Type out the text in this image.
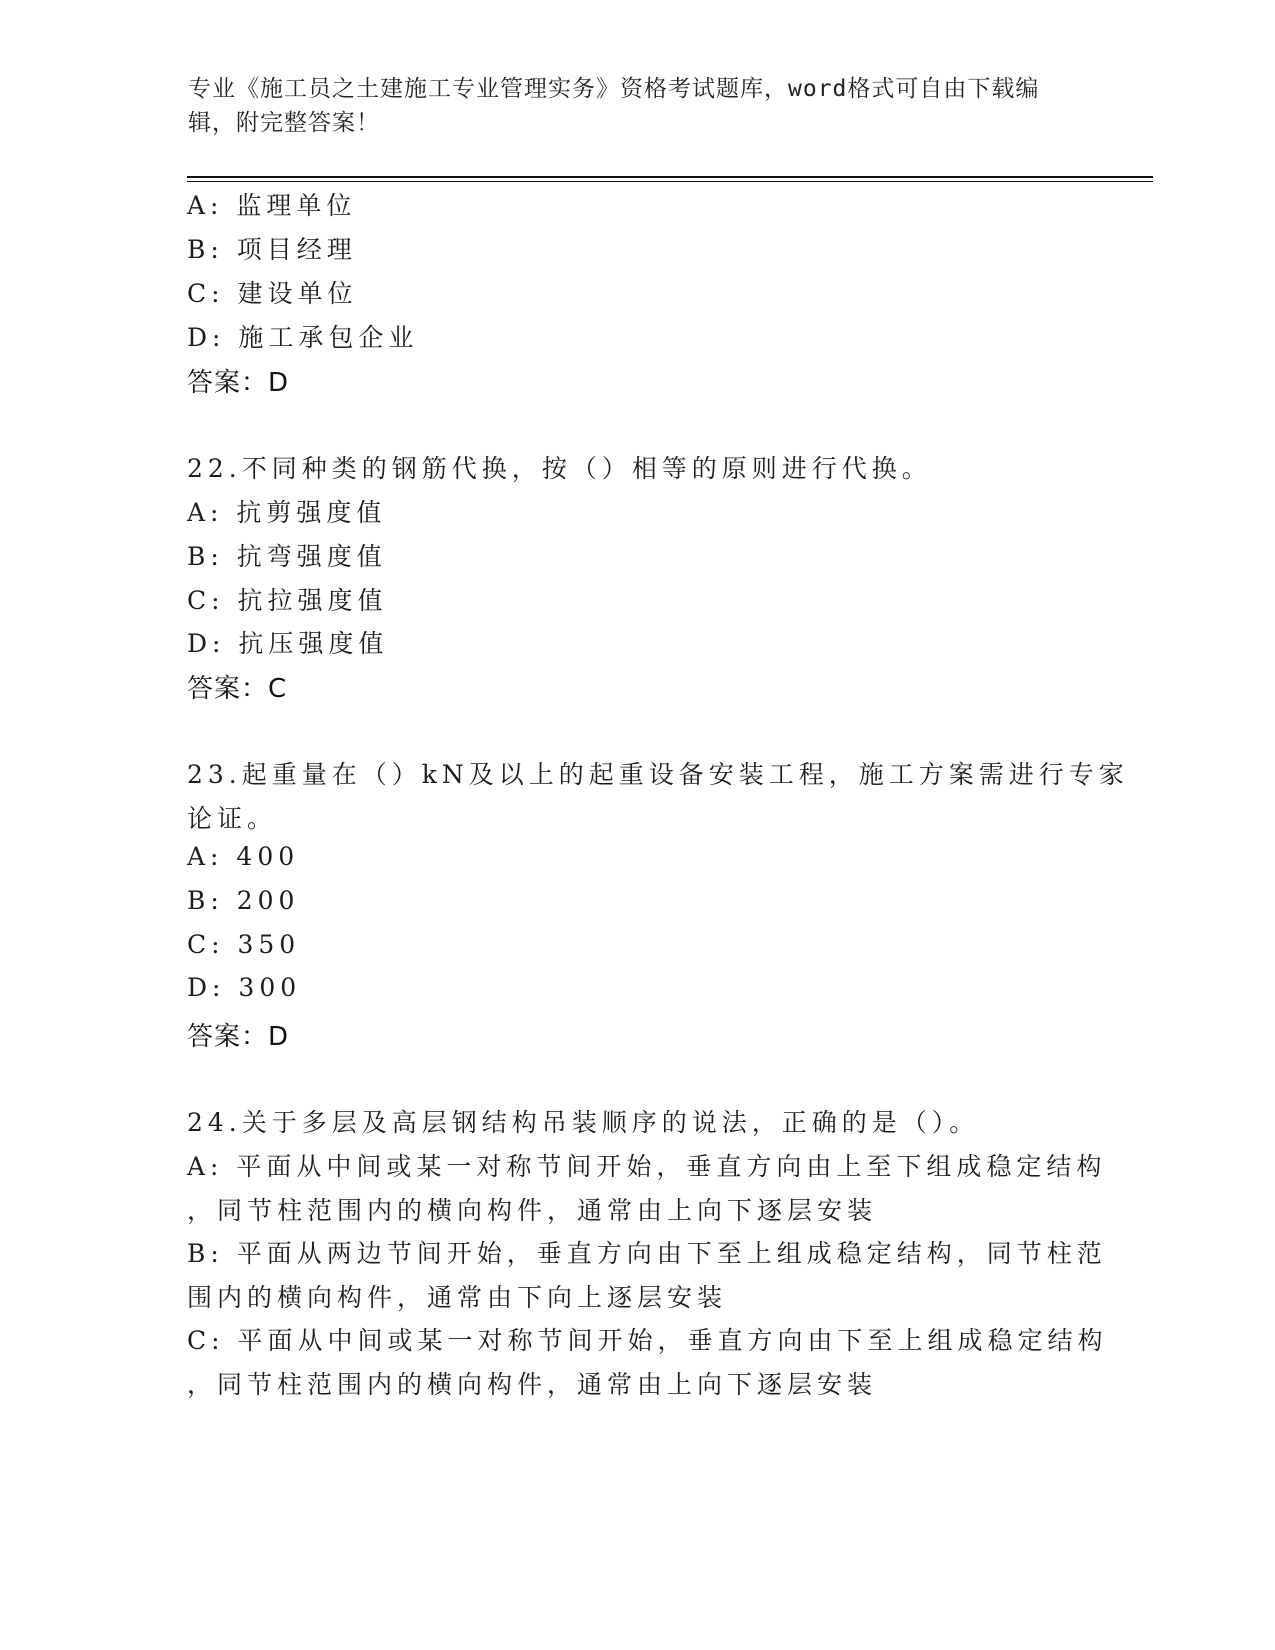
专业《施工员之土建施工专业管理实务》资格考试题库，word格式可自由下载编
辑，附完整答案！
A: 监理单位
B: 项目经理
C: 建设单位
D: 施工承包企业
答案：D
22.不同种类的钢筋代换，按（）相等的原则进行代换。
A: 抗剪强度值
B: 抗弯强度值
C: 抗拉强度值
D: 抗压强度值
答案：C
23.起重量在（）kN及以上的起重设备安装工程，施工方案需进行专家
论证。
A: 400
B: 200
C: 350
D: 300
答案：D
24.关于多层及高层钢结构吊装顺序的说法，正确的是（）。
A: 平面从中间或某一对称节间开始，垂直方向由上至下组成稳定结构
，同节柱范围内的横向构件，通常由上向下逐层安装
B: 平面从两边节间开始，垂直方向由下至上组成稳定结构，同节柱范
围内的横向构件，通常由下向上逐层安装
C: 平面从中间或某一对称节间开始，垂直方向由下至上组成稳定结构
，同节柱范围内的横向构件，通常由上向下逐层安装
